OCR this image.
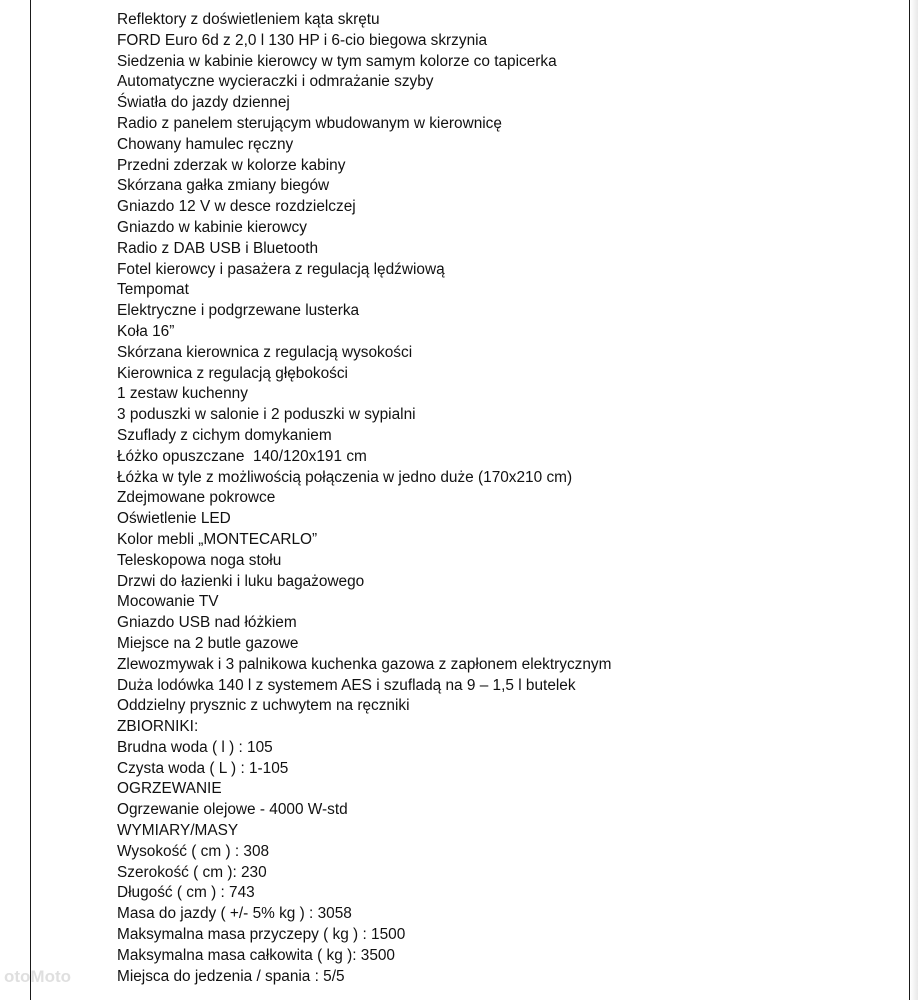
Reflektory z doświetleniem kąta skrętu
FORD Euro 6d z 2,0 l 130 HP i 6-cio biegowa skrzynia
Siedzenia w kabinie kierowcy w tym samym kolorze co tapicerka
Automatyczne wycieraczki i odmrażanie szyby
Światła do jazdy dziennej
Radio z panelem sterującym wbudowanym w kierownicę
Chowany hamulec ręczny
Przedni zderzak w kolorze kabiny
Skórzana gałka zmiany biegów
Gniazdo 12 V w desce rozdzielczej
Gniazdo w kabinie kierowcy
Radio z DAB USB i Bluetooth
Fotel kierowcy i pasażera z regulacją lędźwiową
Tempomat
Elektryczne i podgrzewane lusterka
Koła 16”
Skórzana kierownica z regulacją wysokości
Kierownica z regulacją głębokości
1 zestaw kuchenny
3 poduszki w salonie i 2 poduszki w sypialni
Szuflady z cichym domykaniem
Łóżko opuszczane  140/120x191 cm
Łóżka w tyle z możliwością połączenia w jedno duże (170x210 cm)
Zdejmowane pokrowce
Oświetlenie LED
Kolor mebli „MONTECARLO”
Teleskopowa noga stołu
Drzwi do łazienki i luku bagażowego
Mocowanie TV
Gniazdo USB nad łóżkiem
Miejsce na 2 butle gazowe
Zlewozmywak i 3 palnikowa kuchenka gazowa z zapłonem elektrycznym
Duża lodówka 140 l z systemem AES i szufladą na 9 – 1,5 l butelek
Oddzielny prysznic z uchwytem na ręczniki
ZBIORNIKI:
Brudna woda ( l ) : 105
Czysta woda ( L ) : 1-105
OGRZEWANIE
Ogrzewanie olejowe - 4000 W-std
WYMIARY/MASY
Wysokość ( cm ) : 308
Szerokość ( cm ): 230
Długość ( cm ) : 743
Masa do jazdy ( +/- 5% kg ) : 3058
Maksymalna masa przyczepy ( kg ) : 1500
Maksymalna masa całkowita ( kg ): 3500
Miejsca do jedzenia / spania : 5/5
otoMoto
